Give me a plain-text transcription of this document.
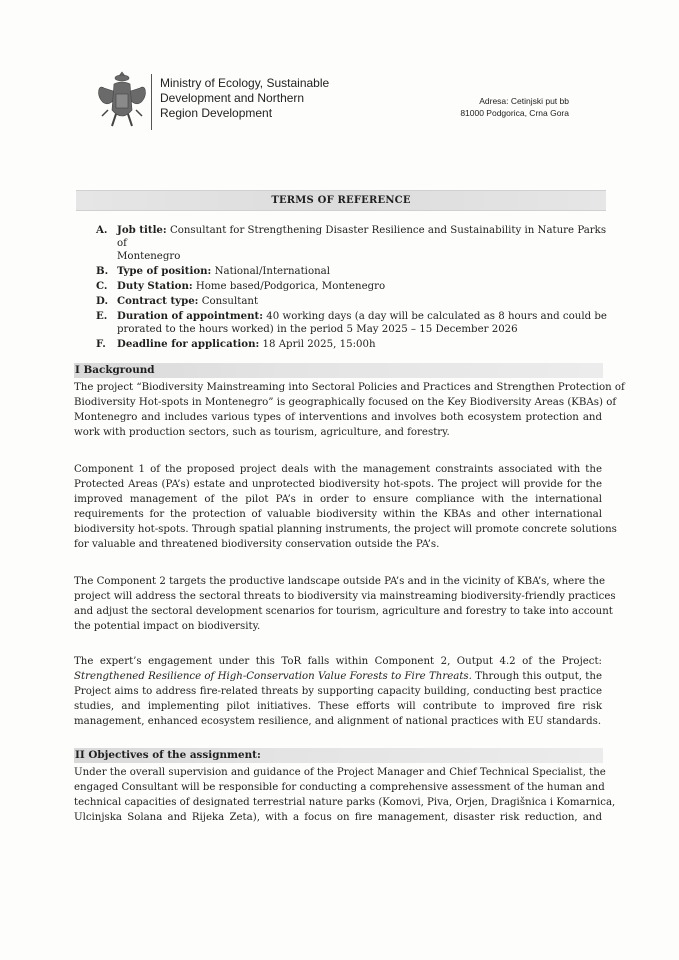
Ministry of Ecology, Sustainable
Development and Northern
Region Development
Adresa: Cetinjski put bb
81000 Podgorica, Crna Gora
TERMS OF REFERENCE
A. Job title: Consultant for Strengthening Disaster Resilience and Sustainability in Nature Parks of
Montenegro
B. Type of position: National/International
C. Duty Station: Home based/Podgorica, Montenegro
D. Contract type: Consultant
E. Duration of appointment: 40 working days (a day will be calculated as 8 hours and could be
prorated to the hours worked) in the period 5 May 2025 – 15 December 2026
F. Deadline for application: 18 April 2025, 15:00h
I Background
The project “Biodiversity Mainstreaming into Sectoral Policies and Practices and Strengthen Protection of
Biodiversity Hot-spots in Montenegro” is geographically focused on the Key Biodiversity Areas (KBAs) of
Montenegro and includes various types of interventions and involves both ecosystem protection and
work with production sectors, such as tourism, agriculture, and forestry.
Component 1 of the proposed project deals with the management constraints associated with the
Protected Areas (PA’s) estate and unprotected biodiversity hot-spots. The project will provide for the
improved management of the pilot PA’s in order to ensure compliance with the international
requirements for the protection of valuable biodiversity within the KBAs and other international
biodiversity hot-spots. Through spatial planning instruments, the project will promote concrete solutions
for valuable and threatened biodiversity conservation outside the PA’s.
The Component 2 targets the productive landscape outside PA’s and in the vicinity of KBA’s, where the
project will address the sectoral threats to biodiversity via mainstreaming biodiversity-friendly practices
and adjust the sectoral development scenarios for tourism, agriculture and forestry to take into account
the potential impact on biodiversity.
The expert’s engagement under this ToR falls within Component 2, Output 4.2 of the Project:
Strengthened Resilience of High-Conservation Value Forests to Fire Threats. Through this output, the
Project aims to address fire-related threats by supporting capacity building, conducting best practice
studies, and implementing pilot initiatives. These efforts will contribute to improved fire risk
management, enhanced ecosystem resilience, and alignment of national practices with EU standards.
II Objectives of the assignment:
Under the overall supervision and guidance of the Project Manager and Chief Technical Specialist, the
engaged Consultant will be responsible for conducting a comprehensive assessment of the human and
technical capacities of designated terrestrial nature parks (Komovi, Piva, Orjen, Dragišnica i Komarnica,
Ulcinjska Solana and Rijeka Zeta), with a focus on fire management, disaster risk reduction, and
